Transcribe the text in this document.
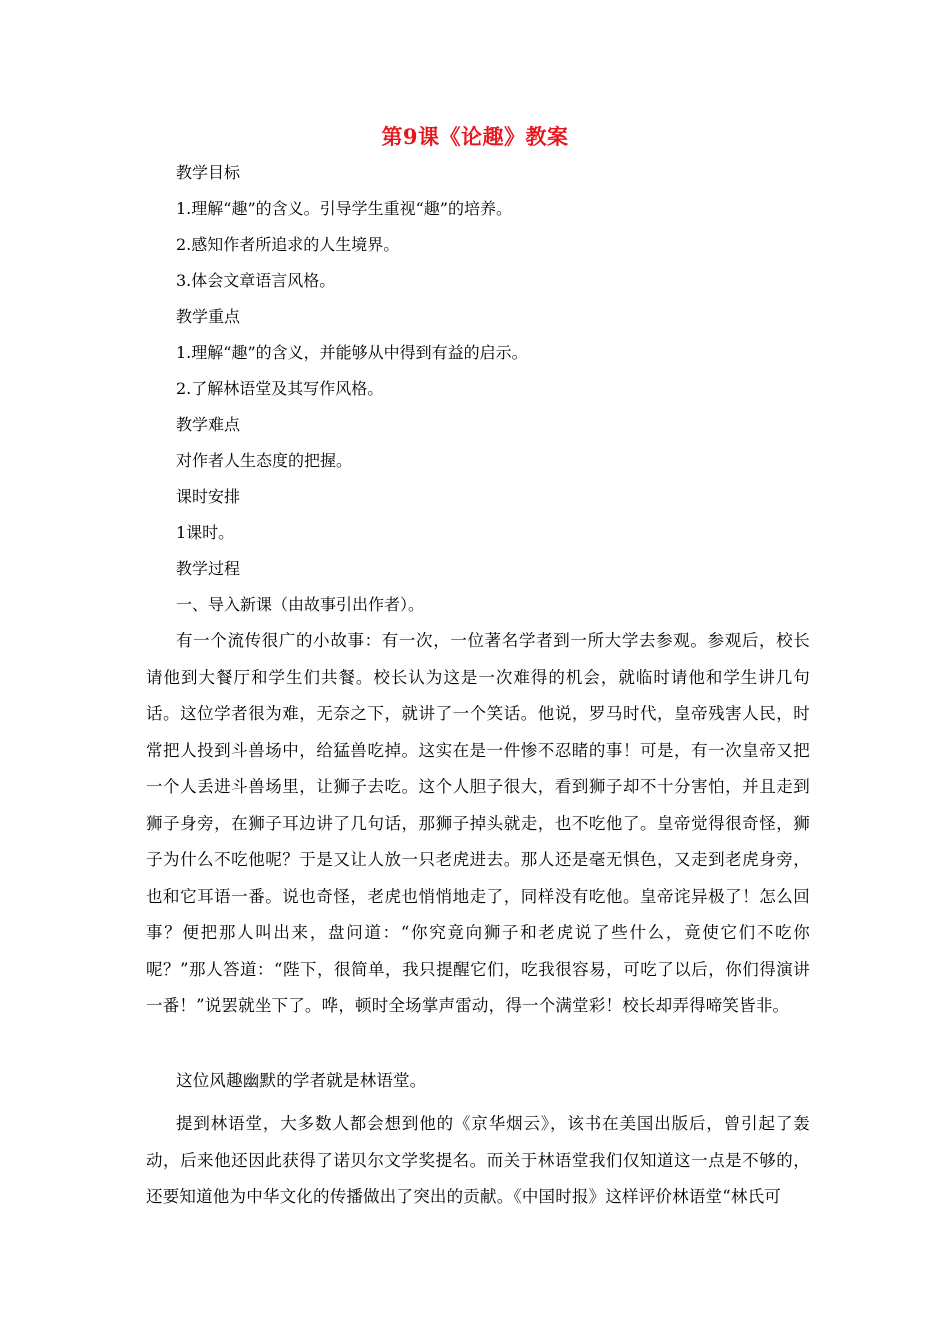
第9课《论趣》教案
教学目标
1.理解“趣”的含义。引导学生重视“趣”的培养。
2.感知作者所追求的人生境界。
3.体会文章语言风格。
教学重点
1.理解“趣”的含义，并能够从中得到有益的启示。
2.了解林语堂及其写作风格。
教学难点
对作者人生态度的把握。
课时安排
1课时。
教学过程
一、导入新课（由故事引出作者）。
有一个流传很广的小故事：有一次，一位著名学者到一所大学去参观。参观后，校长请他到大餐厅和学生们共餐。校长认为这是一次难得的机会，就临时请他和学生讲几句话。这位学者很为难，无奈之下，就讲了一个笑话。他说，罗马时代，皇帝残害人民，时常把人投到斗兽场中，给猛兽吃掉。这实在是一件惨不忍睹的事！可是，有一次皇帝又把一个人丢进斗兽场里，让狮子去吃。这个人胆子很大，看到狮子却不十分害怕，并且走到狮子身旁，在狮子耳边讲了几句话，那狮子掉头就走，也不吃他了。皇帝觉得很奇怪，狮子为什么不吃他呢？于是又让人放一只老虎进去。那人还是毫无惧色，又走到老虎身旁，也和它耳语一番。说也奇怪，老虎也悄悄地走了，同样没有吃他。皇帝诧异极了！怎么回事？便把那人叫出来，盘问道：“你究竟向狮子和老虎说了些什么，竟使它们不吃你呢？”那人答道：“陛下，很简单，我只提醒它们，吃我很容易，可吃了以后，你们得演讲一番！”说罢就坐下了。哗，顿时全场掌声雷动，得一个满堂彩！校长却弄得啼笑皆非。
这位风趣幽默的学者就是林语堂。
提到林语堂，大多数人都会想到他的《京华烟云》，该书在美国出版后，曾引起了轰动，后来他还因此获得了诺贝尔文学奖提名。而关于林语堂我们仅知道这一点是不够的，还要知道他为中华文化的传播做出了突出的贡献。《中国时报》这样评价林语堂“林氏可
